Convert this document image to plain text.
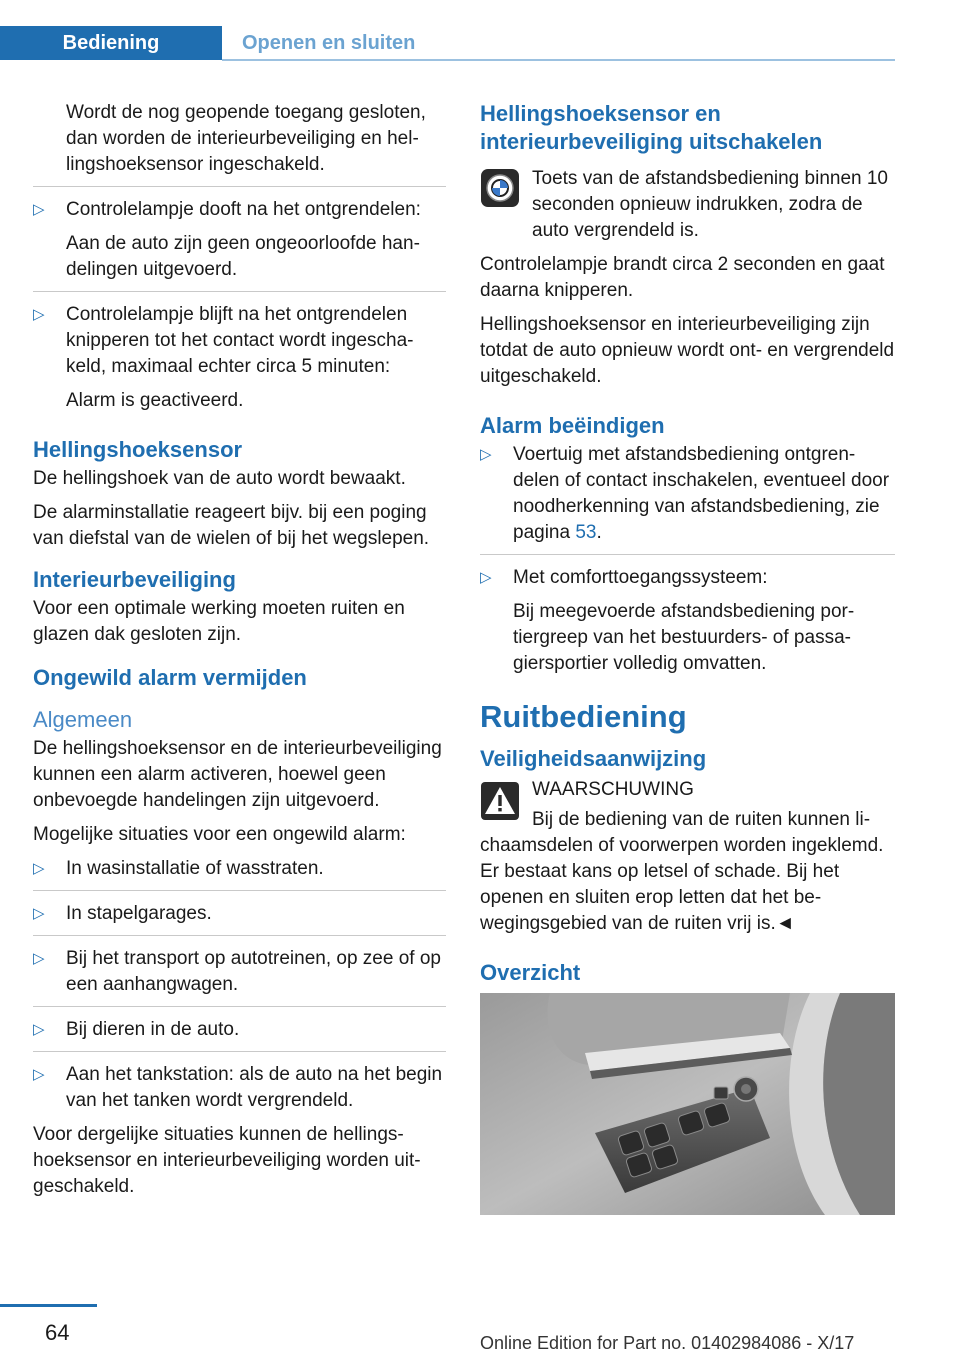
Bediening	Openen en sluiten

Wordt de nog geopende toegang gesloten, dan worden de interieurbeveiliging en hellingshoeksensor ingeschakeld.

▷ Controlelampje dooft na het ontgrendelen:
Aan de auto zijn geen ongeoorloofde handelingen uitgevoerd.
▷ Controlelampje blijft na het ontgrendelen knipperen tot het contact wordt ingeschakeld, maximaal echter circa 5 minuten:
Alarm is geactiveerd.
Hellingshoeksensor

De hellingshoek van de auto wordt bewaakt.

De alarminstallatie reageert bijv. bij een poging van diefstal van de wielen of bij het wegslepen.

Interieurbeveiliging

Voor een optimale werking moeten ruiten en glazen dak gesloten zijn.

Ongewild alarm vermijden
Algemeen

De hellingshoeksensor en de interieurbeveiliging kunnen een alarm activeren, hoewel geen onbevoegde handelingen zijn uitgevoerd.

Mogelijke situaties voor een ongewild alarm:

▷ In wasinstallatie of wasstraten.
▷ In stapelgarages.
▷ Bij het transport op autotreinen, op zee of op een aanhangwagen.
▷ Bij dieren in de auto.
▷ Aan het tankstation: als de auto na het begin van het tanken wordt vergrendeld.

Voor dergelijke situaties kunnen de hellingshoeksensor en interieurbeveiliging worden uitgeschakeld.

Hellingshoeksensor en interieurbeveiliging uitschakelen

Toets van de afstandsbediening binnen 10 seconden opnieuw indrukken, zodra de auto vergrendeld is.

Controlelampje brandt circa 2 seconden en gaat daarna knipperen.

Hellingshoeksensor en interieurbeveiliging zijn totdat de auto opnieuw wordt ont- en vergrendeld uitgeschakeld.

Alarm beëindigen
▷ Voertuig met afstandsbediening ontgrendelen of contact inschakelen, eventueel door noodherkenning van afstandsbediening, zie pagina 53.
▷ Met comforttoegangssysteem:
Bij meegevoerde afstandsbediening portiergreep van het bestuurders- of passagiersportier volledig omvatten.
Ruitbediening
Veiligheidsaanwijzing

WAARSCHUWING

Bij de bediening van de ruiten kunnen lichaamsdelen of voorwerpen worden ingeklemd. Er bestaat kans op letsel of schade. Bij het openen en sluiten erop letten dat het bewegingsgebied van de ruiten vrij is.◄

Overzicht
64	Online Edition for Part no. 01402984086 - X/17
